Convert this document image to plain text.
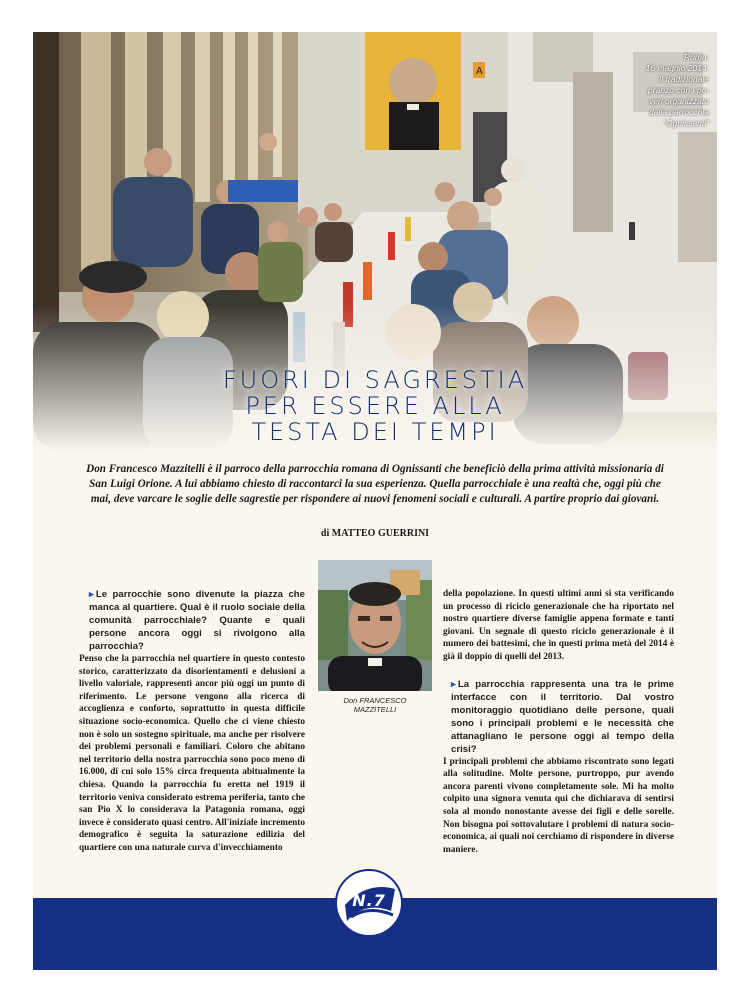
Roma,
16 maggio 2014.
Il tradizionale
pranzo con i po-
veri organizzato
dalla parrocchia
“Ognissanti”
FUORI DI SAGRESTIA
PER ESSERE ALLA
TESTA DEI TEMPI
Don Francesco Mazzitelli è il parroco della parrocchia romana di Ognissanti che beneficiò della prima attività missionaria di San Luigi Orione. A lui abbiamo chiesto di raccontarci la sua esperienza. Quella parrocchiale è una realtà che, oggi più che mai, deve varcare le soglie delle sagrestie per rispondere ai nuovi fenomeni sociali e culturali. A partire proprio dai giovani.
di MATTEO GUERRINI

▸ Le parrocchie sono divenute la piazza che manca al quartiere. Qual è il ruolo sociale della comunità parrocchiale? Quante e quali persone ancora oggi si rivolgono alla parrocchia?

Penso che la parrocchia nel quartiere in questo contesto storico, caratterizzato da disorientamenti e delusioni a livello valoriale, rappresenti ancor più oggi un punto di riferimento. Le persone vengono alla ricerca di accoglienza e conforto, soprattutto in questa difficile situazione socio-economica. Quello che ci viene chiesto non è solo un sostegno spirituale, ma anche per risolvere dei problemi personali e familiari. Coloro che abitano nel territorio della nostra parrocchia sono poco meno di 16.000, di cui solo 15% circa frequenta abitualmente la chiesa. Quando la parrocchia fu eretta nel 1919 il territorio veniva considerato estrema periferia, tanto che san Pio X lo considerava la Patagonia romana, oggi invece è considerato quasi centro. All'iniziale incremento demografico è seguita la saturazione edilizia del quartiere con una naturale curva d'invecchiamento

Don FRANCESCO
MAZZITELLI

della popolazione. In questi ultimi anni si sta verificando un processo di riciclo generazionale che ha riportato nel nostro quartiere diverse famiglie appena formate e tanti giovani. Un segnale di questo riciclo generazionale è il numero dei battesimi, che in questi prima metà del 2014 è già il doppio di quelli del 2013.

▸ La parrocchia rappresenta una tra le prime interfacce con il territorio. Dal vostro monitoraggio quotidiano delle persone, quali sono i principali problemi e le necessità che attanagliano le persone oggi al tempo della crisi?

I principali problemi che abbiamo riscontrato sono legati alla solitudine. Molte persone, purtroppo, pur avendo ancora parenti vivono completamente sole. Mi ha molto colpito una signora venuta qui che dichiarava di sentirsi sola al mondo nonostante avesse dei figli e delle sorelle. Non bisogna poi sottovalutare i problemi di natura socio-economica, ai quali noi cerchiamo di rispondere in diverse maniere.

N.7
